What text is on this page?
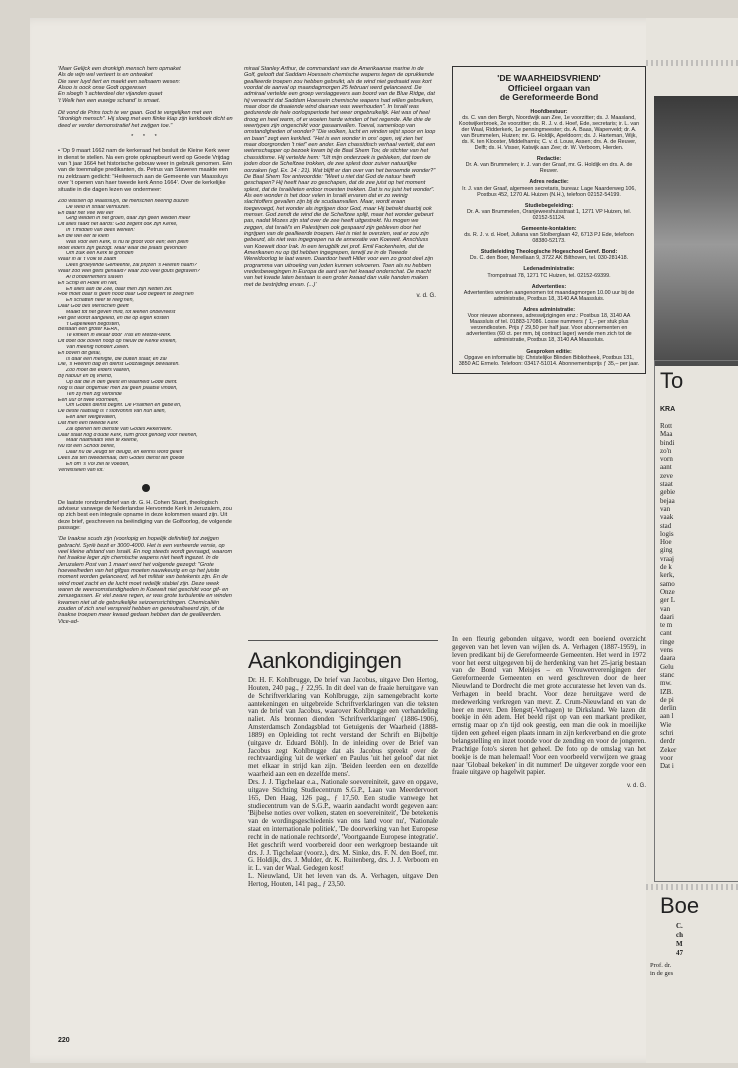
'Maer Gelijck een dronkigh mensch hem opmaket
Als de wijn wel verteert is en ontwaket
Die seer luyd tiert en maekt een seltsaem wesen:
Alsoo is oock onse Godt opgeresen
En sloegh 't achterdeel der vijanden quaet
't Welk hen een euwige schand' is smaet.

Dit vond de Prins toch te ver gaan. God te vergelijken met een "dronkigh mensch". Hij sloeg met een flinke klap zijn kerkboek dicht en deed er verder demonstratief het zwijgen toe."

* * *

• 'Op 9 maart 1662 nam de kerkeraad het besluit de Kleine Kerk weer in dienst te stellen. Na een grote opknapbeurt werd op Goede Vrijdag van 't jaar 1664 het historische gebouw weer in gebruik genomen. Eén van de toenmalige predikanten, ds. Petrus van Staveren maakte een nu zeldzaam gedicht: "Heilwensch aan de Gemeente van Maassluys over 't openen van haer tweede kerk Anno 1664'. Over de kerkelijke situatie in die dagen lezen we ondermeer:

Zoo wassen op Maassluys, de menschen neering buizen
De weid in straat verhuizen.
En daar het Vee wel eer
Ging weiden in het groen, daar zijn geen weiden meer
Dit alles raakt het aards: God zegent ook zijn Kerke,
In 't midden van dees werken:
En die wel eer te klein
Was voor een Kerk, is nu te groot voor een; een plein
Moet elders zijn gezogt. Maar waar die plaats gevonden
Om zulk een Kerk te gronden
Waar in al 't Volk te zaam
Dees groeyende Gemeente, zal prijzen 's Heeren naam?
Waar zoo veel gelts gehaald? waar zoo veel gouts gegraven?
Al d'ondernemers slaven
En Schip en Hoek en Net,
En alles aan de Zee, daar men zijn Netten zet.
Hoe moet daar is geen nood daar God begeert te zeeg'nen
En schatten neer te reeg'nen,
Daar God des Menschen geeft
Maakt tot het geven mild, tot leenen onbevreest
Het gelt wordt aangeleid, en die op eigen kosten
't Gapelleken begosten,
Bestaan een groter KERK,
Te klinken in elkaar door Tras en Metzel-werk.
Dit doet ook boven hoop op nieuw de Kerke krielen,
Van meenig hondert Zielen.
En boven dit getal,
Is daar een menigte, die buiten staat; en zal
Die, 's Heeren dag en dienst Godzaligelijk bewaaren.
Zoo moet die elders vaaren,
Bij nabuur en bij vriend,
Op dat die in den geest en waarheid Gode dient.
Nog is daar ongemak! men zal geen plaatse vinden,
Ten zij men zig verbinde
Een uur of twee voorheen,
Om Godes dienst begint. De Psalmen en gebe'en,
De beste raatslag is 't slotvonnis van hun allen,
Een aller welgevallen,
Dat men een tweede Kerk
Zal openen ten dienste van Godes Akkerwerk.
Daar staat nog d'oude Kerk, ruim groot genoeg voor heenen,
Maar naamlaats veel te kleene,
Nu tot een School bereit,
Daar nu de Jeugd ter deugd, en kennis word geleit
Dees zal ten tweedemaal, den Godes dienst ten goede
En om 's Vol ziel te voeden,
Verwisselen van lot.'

De laatste rondzendbrief van dr. G. H. Cohen Stuart, theologisch adviseur vanwege de Nederlandse Hervormde Kerk in Jeruzalem, zou op zich best een integrale opname in deze kolommen waard zijn. Uit deze brief, geschreven na beëindiging van de Golfoorlog, de volgende passage:

'De Iraakse scuds zijn (voorlopig en hopelijk definitief) tot zwijgen gebracht. Syrië bezit er 3000-4000. Het is een verheerde versie, op veel kleine afstand van Israël. En nog steeds wordt gevraagd, waarom het Iraakse leger zijn chemische wapens niet heeft ingezet. In de Jeruzalem Post van 1 maart werd het volgende gezegd: "Grote hoeveelheden van het gifgas moeten nauwkeurig en op het juiste moment worden gelanceerd, wil het militair van betekenis zijn. En de wind moet zacht en de lucht moet redelijk stabiel zijn. Deze week waren de weersomstandigheden in Koeweit niet geschikt voor gif- en zenuwgassen. Er viel zware regen, er was grote turbulentie en winden kwamen niet uit de gebruikelijke seizoensrichtingen. Chemicaliën zouden of zich snel verspreid hebben en geneutraliseerd zijn, of de Iraakse troepen meer kwaad gedaan hebben dan de geallieerden. Vice-ad-

miraal Stanley Arthur, de commandant van de Amerikaanse marine in de Golf, gelooft dat Saddam Hoessein chemische wapens tegen de oprukkende geallieerde troepen zou hebben gebruikt, als de wind niet gedraaid was kort voordat de aanval op maandagmorgen 25 februari werd gelanceerd. De admiraal vertelde een groep verslaggevers aan boord van de Blue Ridge, dat hij verwacht dat Saddam Hoessein chemische wapens had willen gebruiken, maar door de draaiende wind daarvan was weerhouden". In Israël was gedurende de hele oorlogsperiode het weer ongebruikelijk. Het was of heel droog en heel warm, of er woeien harde winden of het regende. Alle drie de weertypes zijn ongeschikt voor gasaanvallen. Toeval, samenloop van omstandigheden of wonder? "Die wolken, lucht en winden wijst spoor en loop en baan" zegt een kerklied. "Het is een wonder in ons' ogen, wij zien het maar doorgronden 't niet" een ander. Een chassidisch verhaal vertelt, dat een wetenschapper op bezoek kwam bij de Baal Shem Tov, de stichter van het chassidisme. Hij vertelde hem: "Uit mijn onderzoek is gebleken, dat toen de joden door de Schelfzee trokken, de zee splest door zuiver natuurlijke oorzaken (vgl. Ex. 14 : 21). Wat blijft er dan over van het beroemde wonder?" De Baal Shem Tov antwoordde: "Weet u niet dat God de natuur heeft geschapen? Hij heeft haar zo geschapen, dat de zee juist op het moment splest, dat de Israëlieten erdoor moesten trekken. Dat is nu juist het wonder". Als een wonder is het door velen in Israël ervaren dat er zo weinig slachtoffers gevallen zijn bij de scudaanvallen. Maar, wordt eraan toegevoegd, het wonder als ingrijpen door God, maar Hij betrekt daarbij ook menser. God zendt de wind die de Schelfzee splijt, maar het wonder gebeurt pas, nadat Mozes zijn staf over de zee heeft uitgestrekt. Nu mogen we zeggen, dat Israël's en Palestijnen ook gespaard zijn gebleven door het ingrijpen van de geallieerde troepen. Het is niet te overzien, wat er zou zijn gebeurd, als niet was ingegrepen na de annexatie van Koeweit. Anschluss van Koeweit door Irak. In een terugblik zei prof. Emil Fackenheim, dat de Amerikanen nu op tijd hebben ingegrepen, terwijl ze in de Tweede Wereldoorlog te laat waren. Daardoor heeft Hitler voor een zo groot deel zijn programma van uitroeiing van joden kunnen volvoeren. Toen als nu hebben vredesbewegingen in Europa de aard van het kwaad onderschat. De macht van het kwade laten bestaan is een groter kwaad dan vuile handen maken met de bestrijding ervan. (...)'

v. d. G.
Aankondigingen
Dr. H. F. Kohlbrugge, De brief van Jacobus, uitgave Den Hertog, Houten, 240 pag., ƒ 22,95. In dit deel van de fraaie heruitgave van de Schriftverklaring van Kohlbrugge, zijn samengebracht korte aantekeningen en uitgebreide Schriftverklaringen van die teksten van de brief van Jacobus, waarover Kohlbrugge een verhandeling naliet. Als bronnen dienden 'Schriftverklaringen' (1886-1906), Amsterdamsch Zondagsblad tot Getuigenis der Waarheid (1888-1889) en Opleiding tot recht verstand der Schrift en Bijbeltje (uitgave dr. Eduard Böhl). In de inleiding over de Brief van Jacobus zegt Kohlbrugge dat als Jacobus spreekt over de rechtvaardiging 'uit de werken' en Paulus 'uit het geloof' dat niet met elkaar in strijd kan zijn. 'Beiden leerden een en dezelfde waarheid aan een en dezelfde mens'.
Drs. J. J. Tigchelaar e.a., Nationale soevereiniteit, gave en opgave, uitgave Stichting Studiecentrum S.G.P., Laan van Meerdervoort 165, Den Haag, 126 pag., ƒ 17,50. Een studie vanwege het studiecentrum van de S.G.P., waarin aandacht wordt gegeven aan: 'Bijbelse noties over volken, staten en soevereiniteit', 'De betekenis van de wordingsgeschiedenis van ons land voor nu', 'Nationale staat en internationale politiek', 'De doorwerking van het Europese recht in de nationale rechtsorde', 'Voortgaande Europese integratie'. Het geschrift werd voorbereid door een werkgroep bestaande uit drs. J. J. Tigchelaar (voorz.), drs. M. Sinke, drs. F. N. den Boef, mr. G. Holdijk, drs. J. Mulder, dr. K. Ruitenberg, drs. J. J. Verboom en ir. L. van der Waal. Gedegen kost!
L. Nieuwland, Uit het leven van ds. A. Verhagen, uitgave Den Hertog, Houten, 141 pag., ƒ 23,50.
'DE WAARHEIDSVRIEND'
Officieel orgaan van
de Gereformeerde Bond
Hoofdbestuur:
ds. C. van den Bergh, Noordwijk aan Zee, 1e voorzitter; ds. J. Maasland, Kootwijkerbroek, 2e voorzitter; ds. R. J. v. d. Hoef, Ede, secretaris; ir. L. van der Waal, Ridderkerk, 1e penningmeester; ds. A. Baas, Wapenveld; dr. A. van Brummelen, Huizen; mr. G. Holdijk, Apeldoorn; ds. J. Harteman, Wijk, ds. K. ten Klooster, Middelharnis; C. v. d. Louw, Assen; drs. A. de Reuver, Delft; ds. H. Visser, Katwijk aan Zee; dr. W. Verboom, Hierden.
Redactie:
Dr. A. van Brummelen; ir. J. van der Graaf, mr. G. Holdijk en drs. A. de Reuver.
Adres redactie:
Ir. J. van der Graaf, algemeen secretaris, bureau: Lage Naarderweg 106, Postbus 452, 1270 AL Huizen (N.H.), telefoon 02152-54199.
Studiebegeleiding:
Dr. A. van Brummelen, Oranjeweeshuisstraat 1, 1271 VP Huizen, tel. 02152-51124.
Gemeente-kontakten:
ds. R. J. v. d. Hoef, Juliana van Stolberglaan 42, 6713 PJ Ede, telefoon 08380-52173.
Studieleiding Theologische Hogeschool Geref. Bond:
Ds. C. den Boer, Merellaan 9, 3722 AK Bilthoven, tel. 030-281418.
Ledenadministratie:
Trompstraat 78, 1271 TC Huizen, tel. 02152-69399.
Advertenties:
Advertenties worden aangenomen tot maandagmorgen 10.00 uur bij de administratie, Postbus 18, 3140 AA Maassluis.
Adres administratie:
Voor nieuwe abonnees, adreswijzigingen enz.: Postbus 18, 3140 AA Maassluis of tel. 01883-17086. Losse nummers ƒ 1,– per stuk plus verzendkosten. Prijs ƒ 29,50 per half jaar. Voor abonnementen en advertenties (60 ct. per mm, bij contract lager) wende men zich tot de administratie, Postbus 18, 3140 AA Maassluis.
Gesproken editie:
Opgave en informatie bij: Christelijke Blinden Bibliotheek, Postbus 131, 3850 AC Ermelo. Telefoon: 03417-51014. Abonnementsprijs ƒ 35,– per jaar.
In een fleurig gebonden uitgave, wordt een boeiend overzicht gegeven van het leven van wijlen ds. A. Verhagen (1887-1959), in leven predikant bij de Gereformeerde Gemeenten. Het werd in 1972 voor het eerst uitgegeven bij de herdenking van het 25-jarig bestaan van de Bond van Meisjes – en Vrouwenverenigingen der Gereformeerde Gemeenten en werd geschreven door de heer Nieuwland te Dordrecht die met grote accuratesse het leven van ds. Verhagen in beeld bracht. Voor deze heruitgave werd de medewerking verkregen van mevr. Z. Crum-Nieuwland en van de heer en mevr. Den Hengst(-Verhagen) te Dirksland. We lazen dit boekje in één adem. Het beeld rijst op van een markant prediker, ernstig maar op z'n tijd ook geestig, een man die ook in moeilijke tijden een geheel eigen plaats innam in zijn kerkverband en die grote belangstelling en inzet toonde voor de zending en voor de jongeren. Prachtige foto's sieren het geheel. De foto op de omslag van het boekje is de man helemaal! Voor een voorbeeld verwijzen we graag naar 'Globaal bekeken' in dit nummer! De uitgever zorgde voor een fraaie uitgave op hagelwit papier.
v. d. G.
220
To
KRA
Rott
Maa
bindi
zo'n
vorn
aant
zeve
staat
gebie
bejaa
van
vaak
stad
logis
Hoe
ging
vraaj
de k
kerk,
samo
Onze
ger L
van
daari
te m
cant
ringe
vens
daara
Gelu
stanc
mw.
IZB.
de pi
derlin
aan l
Wie
schri
derdr
Zeker
voor
Dat i
Boe
C.
ch
M
47
Prof. dr.
in de ges
